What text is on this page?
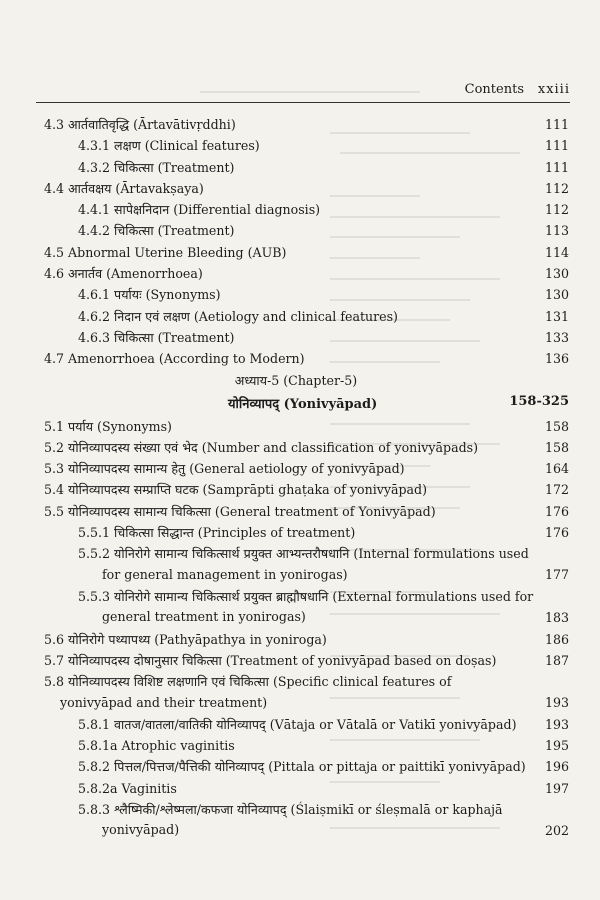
Contents xxiii
4.3 आर्तवातिवृद्धि (Ārtavātivṛddhi)	111
4.3.1 लक्षण (Clinical features)	111
4.3.2 चिकित्सा (Treatment)	111
4.4 आर्तवक्षय (Ārtavakṣaya)	112
4.4.1 सापेक्षनिदान (Differential diagnosis)	112
4.4.2 चिकित्सा (Treatment)	113
4.5 Abnormal Uterine Bleeding (AUB)	114
4.6 अनार्तव (Amenorrhoea)	130
4.6.1 पर्यायः (Synonyms)	130
4.6.2 निदान एवं लक्षण (Aetiology and clinical features)	131
4.6.3 चिकित्सा (Treatment)	133
4.7 Amenorrhoea (According to Modern)	136
अध्याय-5 (Chapter-5)
योनिव्यापद् (Yonivyāpad)	158-325
5.1 पर्याय (Synonyms)	158
5.2 योनिव्यापदस्य संख्या एवं भेद (Number and classification of yonivyāpads)	158
5.3 योनिव्यापदस्य सामान्य हेतु (General aetiology of yonivyāpad)	164
5.4 योनिव्यापदस्य सम्प्राप्ति घटक (Samprāpti ghaṭaka of yonivyāpad)	172
5.5 योनिव्यापदस्य सामान्य चिकित्सा (General treatment of Yonivyāpad)	176
5.5.1 चिकित्सा सिद्धान्त (Principles of treatment)	176
5.5.2 योनिरोगे सामान्य चिकित्सार्थ प्रयुक्त आभ्यन्तरौषधानि (Internal formulations used for general management in yonirogas)	177
5.5.3 योनिरोगे सामान्य चिकित्सार्थ प्रयुक्त ब्राह्मौषधानि (External formulations used for general treatment in yonirogas)	183
5.6 योनिरोगे पथ्यापथ्य (Pathyāpathya in yoniroga)	186
5.7 योनिव्यापदस्य दोषानुसार चिकित्सा (Treatment of yonivyāpad based on doṣas)	187
5.8 योनिव्यापदस्य विशिष्ट लक्षणानि एवं चिकित्सा (Specific clinical features of yonivyāpad and their treatment)	193
5.8.1 वातज/वातला/वातिकी योनिव्यापद् (Vātaja or Vātalā or Vatikī yonivyāpad) 193
5.8.1a Atrophic vaginitis	195
5.8.2 पित्तल/पित्तज/पैत्तिकी योनिव्यापद् (Pittala or pittaja or paittikī yonivyāpad) 196
5.8.2a Vaginitis	197
5.8.3 श्लैष्मिकी/श्लेष्मला/कफजा योनिव्यापद् (Ślaiṣmikī or śleṣmalā or kaphajā yonivyāpad)	202
